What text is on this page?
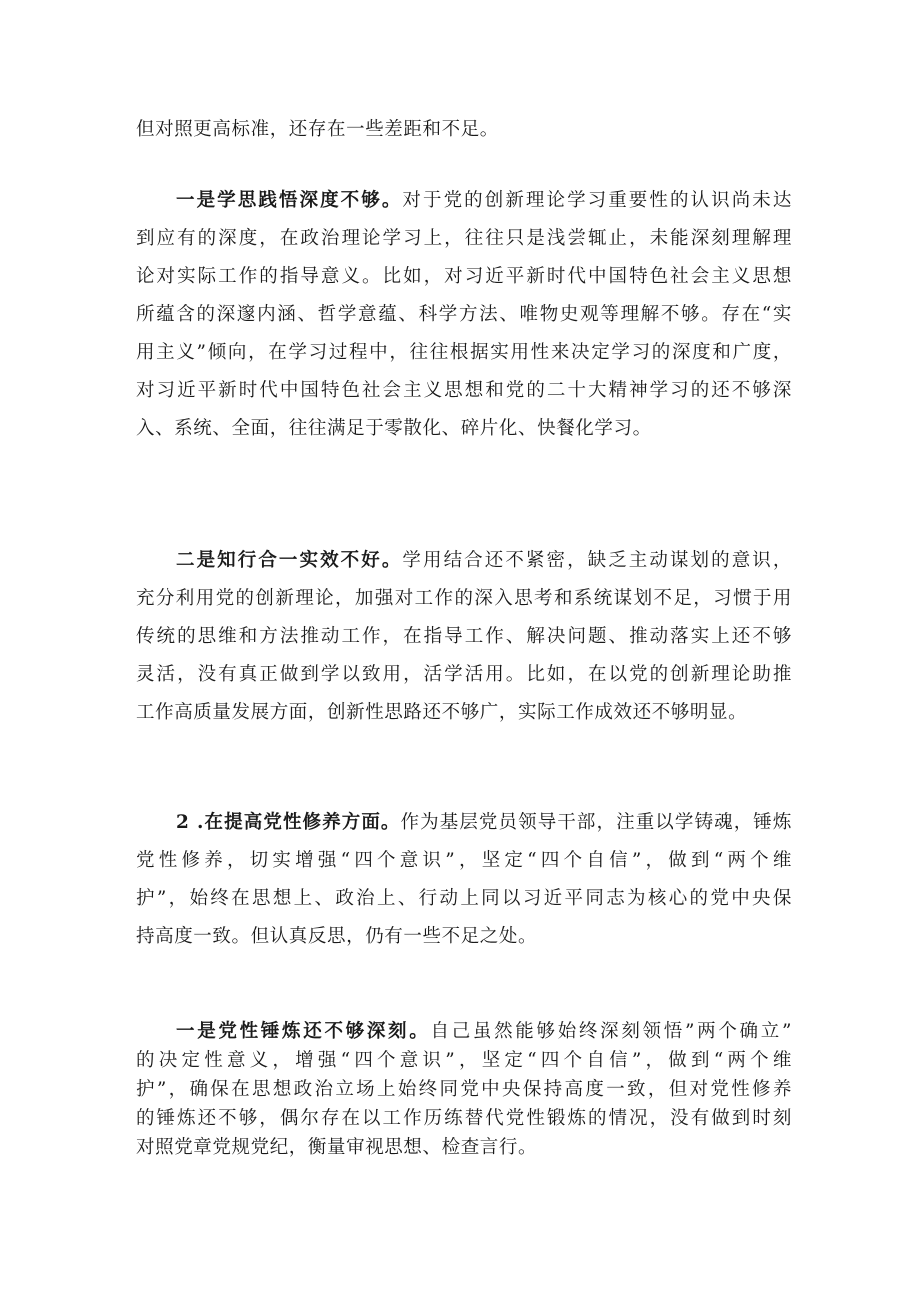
但对照更高标准，还存在一些差距和不足。
一是学思践悟深度不够。对于党的创新理论学习重要性的认识尚未达
到应有的深度，在政治理论学习上，往往只是浅尝辄止，未能深刻理解理
论对实际工作的指导意义。比如，对习近平新时代中国特色社会主义思想
所蕴含的深邃内涵、哲学意蕴、科学方法、唯物史观等理解不够。存在“实
用主义”倾向，在学习过程中，往往根据实用性来决定学习的深度和广度，
对习近平新时代中国特色社会主义思想和党的二十大精神学习的还不够深
入、系统、全面，往往满足于零散化、碎片化、快餐化学习。
二是知行合一实效不好。学用结合还不紧密，缺乏主动谋划的意识，
充分利用党的创新理论，加强对工作的深入思考和系统谋划不足，习惯于用
传统的思维和方法推动工作，在指导工作、解决问题、推动落实上还不够
灵活，没有真正做到学以致用，活学活用。比如，在以党的创新理论助推
工作高质量发展方面，创新性思路还不够广，实际工作成效还不够明显。
2 .在提高党性修养方面。作为基层党员领导干部，注重以学铸魂，锤炼
党性修养，切实增强“四个意识”，坚定“四个自信”，做到“两个维
护”，始终在思想上、政治上、行动上同以习近平同志为核心的党中央保
持高度一致。但认真反思，仍有一些不足之处。
一是党性锤炼还不够深刻。自己虽然能够始终深刻领悟”两个确立”
的决定性意义，增强“四个意识”，坚定“四个自信”，做到“两个维
护”，确保在思想政治立场上始终同党中央保持高度一致，但对党性修养
的锤炼还不够，偶尔存在以工作历练替代党性锻炼的情况，没有做到时刻
对照党章党规党纪，衡量审视思想、检查言行。
